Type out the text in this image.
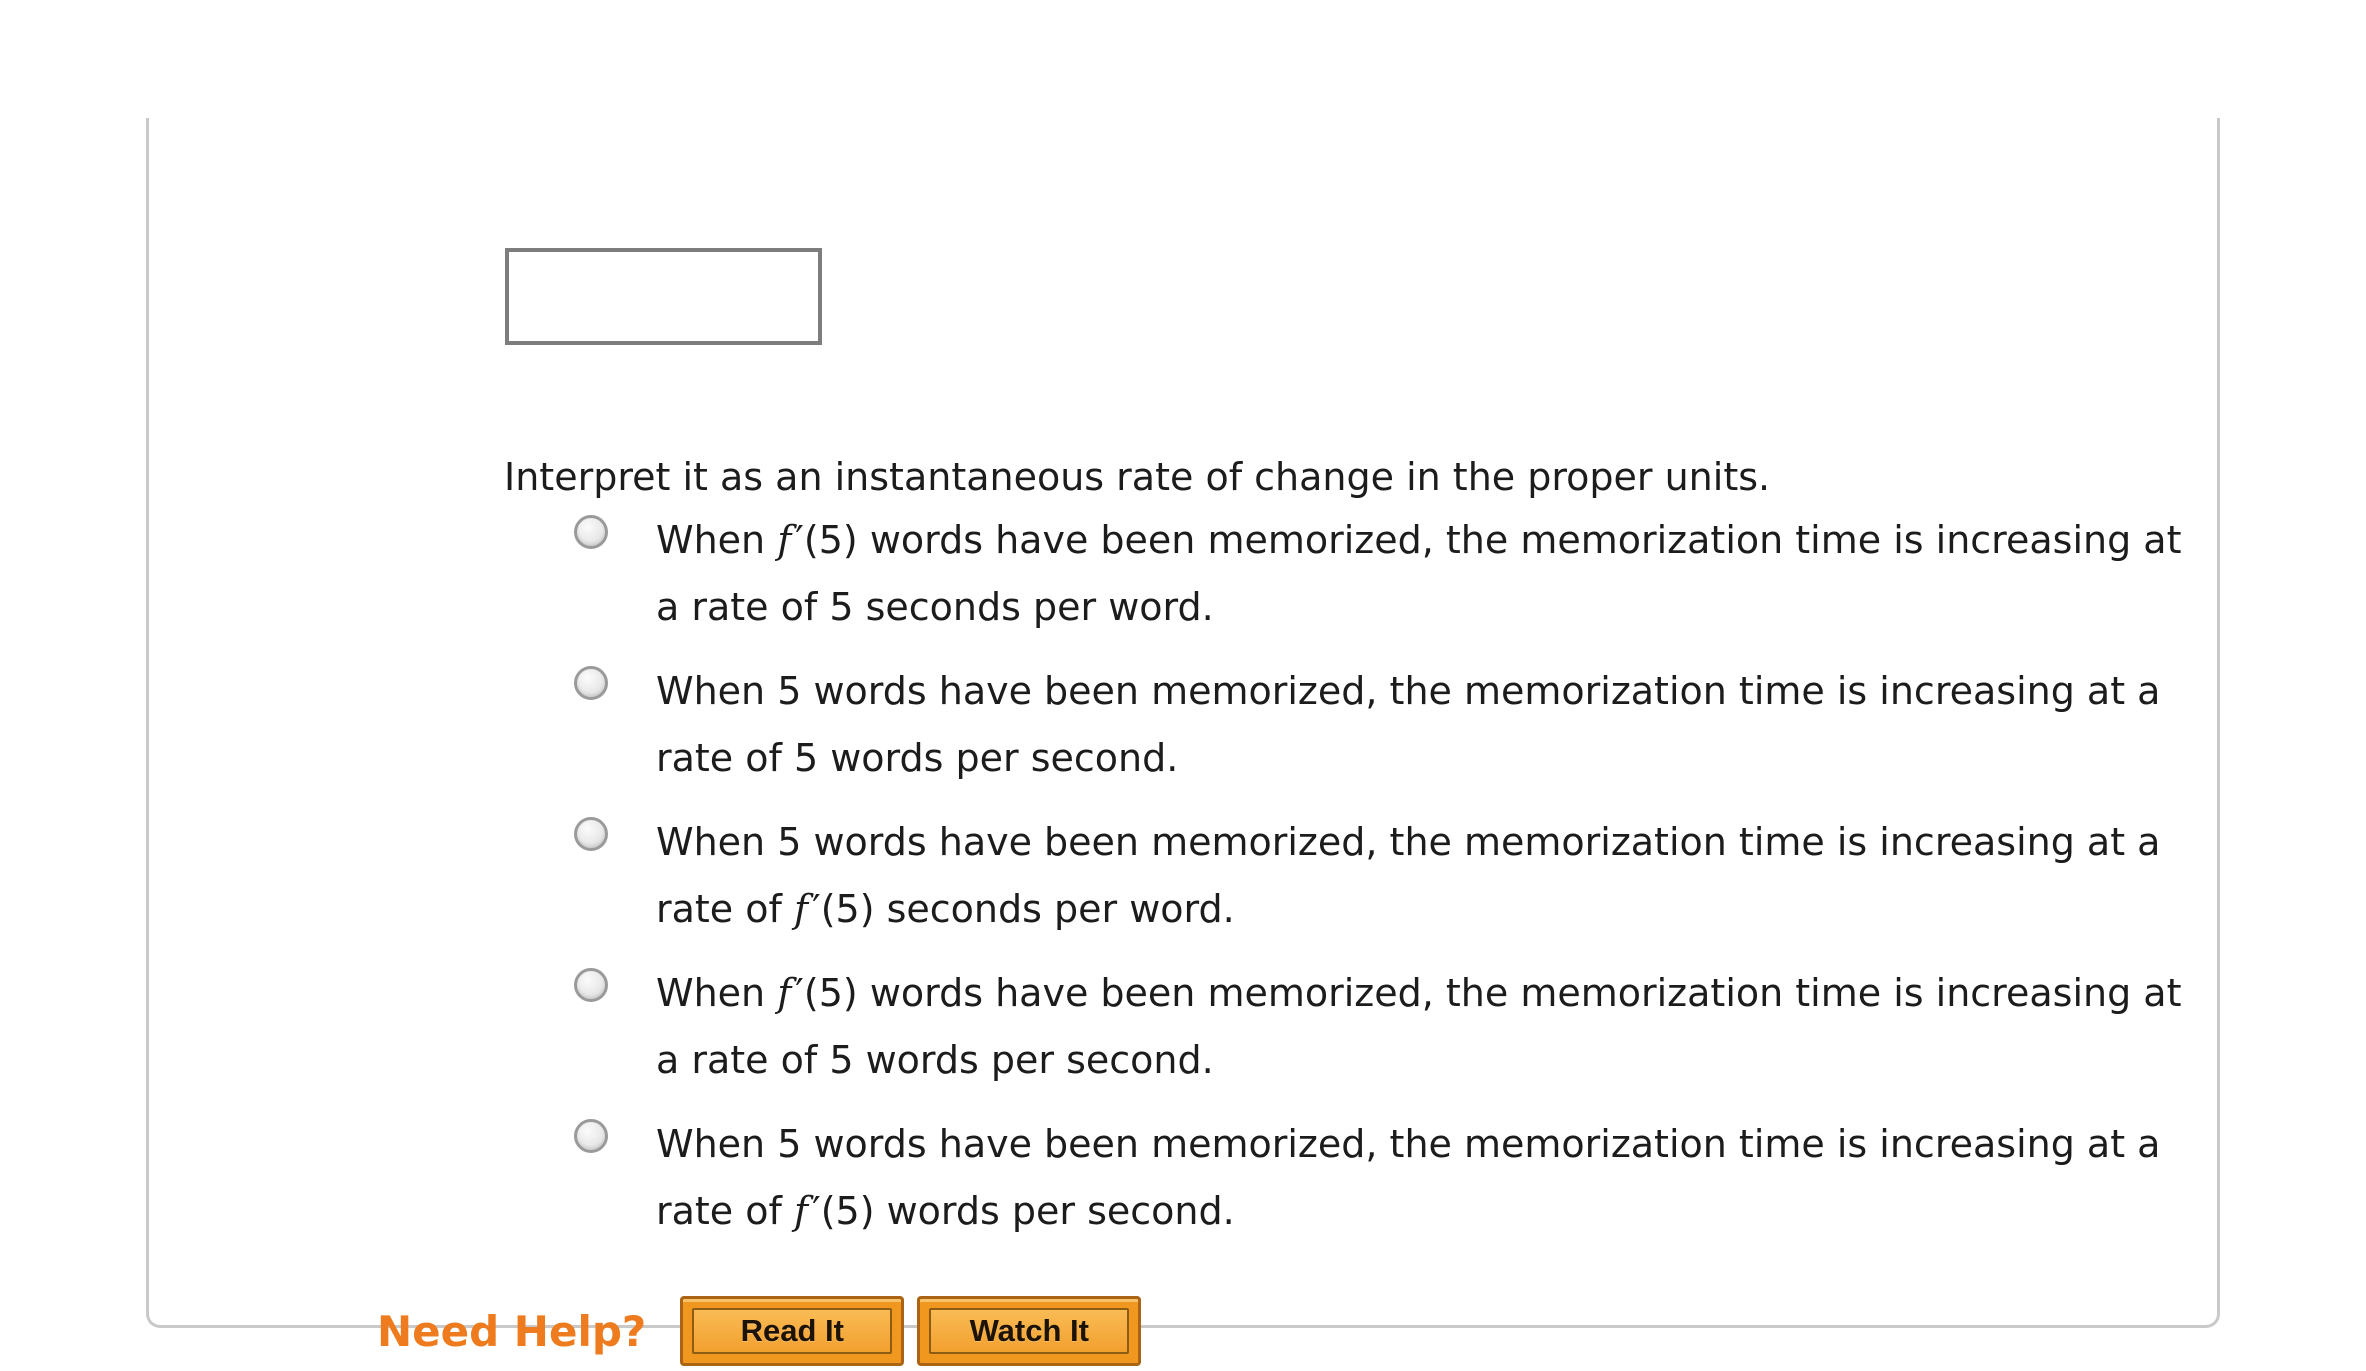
Interpret it as an instantaneous rate of change in the proper units.
When f ′(5) words have been memorized, the memorization time is increasing at
a rate of 5 seconds per word.
When 5 words have been memorized, the memorization time is increasing at a
rate of 5 words per second.
When 5 words have been memorized, the memorization time is increasing at a
rate of f ′(5) seconds per word.
When f ′(5) words have been memorized, the memorization time is increasing at
a rate of 5 words per second.
When 5 words have been memorized, the memorization time is increasing at a
rate of f ′(5) words per second.
Need Help?	Read It	Watch It
